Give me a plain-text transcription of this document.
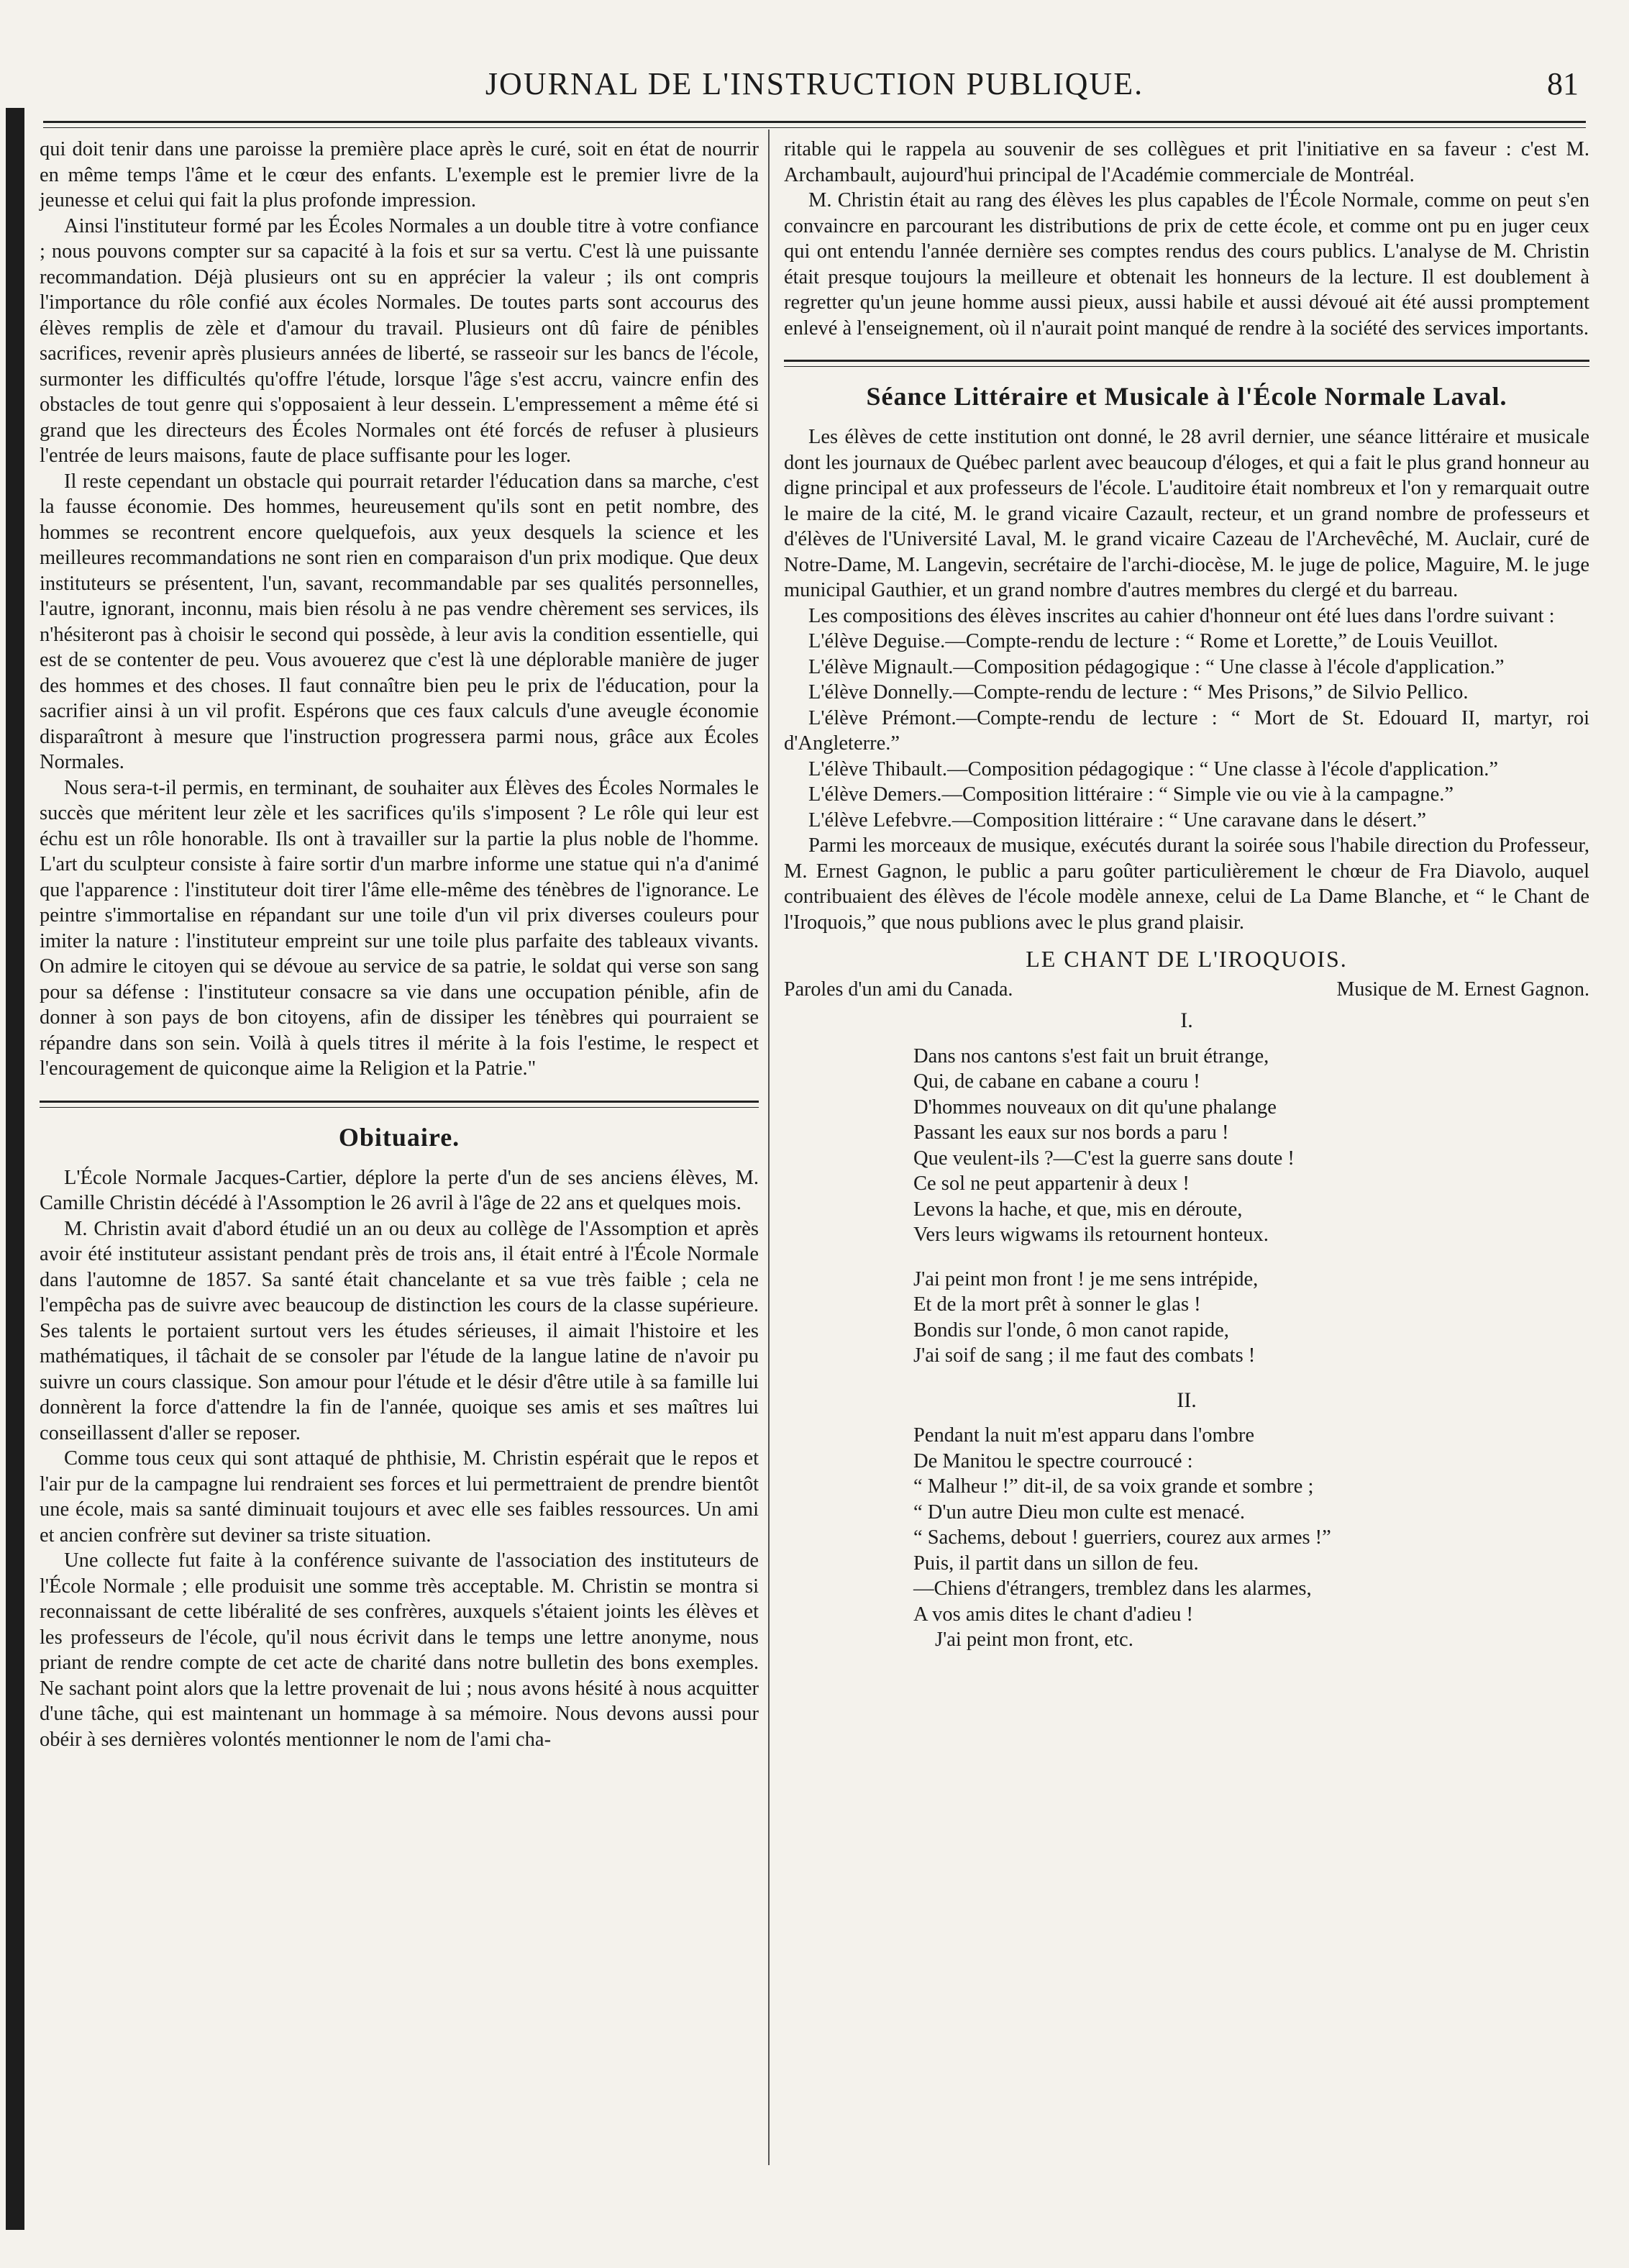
JOURNAL DE L'INSTRUCTION PUBLIQUE.	81

qui doit tenir dans une paroisse la première place après le curé, soit en état de nourrir en même temps l'âme et le cœur des enfants. L'exemple est le premier livre de la jeunesse et celui qui fait la plus profonde impression.

Ainsi l'instituteur formé par les Écoles Normales a un double titre à votre confiance ; nous pouvons compter sur sa capacité à la fois et sur sa vertu. C'est là une puissante recommandation. Déjà plusieurs ont su en apprécier la valeur ; ils ont compris l'importance du rôle confié aux écoles Normales. De toutes parts sont accourus des élèves remplis de zèle et d'amour du travail. Plusieurs ont dû faire de pénibles sacrifices, revenir après plusieurs années de liberté, se rasseoir sur les bancs de l'école, surmonter les difficultés qu'offre l'étude, lorsque l'âge s'est accru, vaincre enfin des obstacles de tout genre qui s'opposaient à leur dessein. L'empressement a même été si grand que les directeurs des Écoles Normales ont été forcés de refuser à plusieurs l'entrée de leurs maisons, faute de place suffisante pour les loger.

Il reste cependant un obstacle qui pourrait retarder l'éducation dans sa marche, c'est la fausse économie. Des hommes, heureusement qu'ils sont en petit nombre, des hommes se recontrent encore quelquefois, aux yeux desquels la science et les meilleures recommandations ne sont rien en comparaison d'un prix modique. Que deux instituteurs se présentent, l'un, savant, recommandable par ses qualités personnelles, l'autre, ignorant, inconnu, mais bien résolu à ne pas vendre chèrement ses services, ils n'hésiteront pas à choisir le second qui possède, à leur avis la condition essentielle, qui est de se contenter de peu. Vous avouerez que c'est là une déplorable manière de juger des hommes et des choses. Il faut connaître bien peu le prix de l'éducation, pour la sacrifier ainsi à un vil profit. Espérons que ces faux calculs d'une aveugle économie disparaîtront à mesure que l'instruction progressera parmi nous, grâce aux Écoles Normales.

Nous sera-t-il permis, en terminant, de souhaiter aux Élèves des Écoles Normales le succès que méritent leur zèle et les sacrifices qu'ils s'imposent ? Le rôle qui leur est échu est un rôle honorable. Ils ont à travailler sur la partie la plus noble de l'homme. L'art du sculpteur consiste à faire sortir d'un marbre informe une statue qui n'a d'animé que l'apparence : l'instituteur doit tirer l'âme elle-même des ténèbres de l'ignorance. Le peintre s'immortalise en répandant sur une toile d'un vil prix diverses couleurs pour imiter la nature : l'instituteur empreint sur une toile plus parfaite des tableaux vivants. On admire le citoyen qui se dévoue au service de sa patrie, le soldat qui verse son sang pour sa défense : l'instituteur consacre sa vie dans une occupation pénible, afin de donner à son pays de bon citoyens, afin de dissiper les ténèbres qui pourraient se répandre dans son sein. Voilà à quels titres il mérite à la fois l'estime, le respect et l'encouragement de quiconque aime la Religion et la Patrie."

Obituaire.

L'École Normale Jacques-Cartier, déplore la perte d'un de ses anciens élèves, M. Camille Christin décédé à l'Assomption le 26 avril à l'âge de 22 ans et quelques mois.

M. Christin avait d'abord étudié un an ou deux au collège de l'Assomption et après avoir été instituteur assistant pendant près de trois ans, il était entré à l'École Normale dans l'automne de 1857. Sa santé était chancelante et sa vue très faible ; cela ne l'empêcha pas de suivre avec beaucoup de distinction les cours de la classe supérieure. Ses talents le portaient surtout vers les études sérieuses, il aimait l'histoire et les mathématiques, il tâchait de se consoler par l'étude de la langue latine de n'avoir pu suivre un cours classique. Son amour pour l'étude et le désir d'être utile à sa famille lui donnèrent la force d'attendre la fin de l'année, quoique ses amis et ses maîtres lui conseillassent d'aller se reposer.

Comme tous ceux qui sont attaqué de phthisie, M. Christin espérait que le repos et l'air pur de la campagne lui rendraient ses forces et lui permettraient de prendre bientôt une école, mais sa santé diminuait toujours et avec elle ses faibles ressources. Un ami et ancien confrère sut deviner sa triste situation.

Une collecte fut faite à la conférence suivante de l'association des instituteurs de l'École Normale ; elle produisit une somme très acceptable. M. Christin se montra si reconnaissant de cette libéralité de ses confrères, auxquels s'étaient joints les élèves et les professeurs de l'école, qu'il nous écrivit dans le temps une lettre anonyme, nous priant de rendre compte de cet acte de charité dans notre bulletin des bons exemples. Ne sachant point alors que la lettre provenait de lui ; nous avons hésité à nous acquitter d'une tâche, qui est maintenant un hommage à sa mémoire. Nous devons aussi pour obéir à ses dernières volontés mentionner le nom de l'ami cha-

ritable qui le rappela au souvenir de ses collègues et prit l'initiative en sa faveur : c'est M. Archambault, aujourd'hui principal de l'Académie commerciale de Montréal.

M. Christin était au rang des élèves les plus capables de l'École Normale, comme on peut s'en convaincre en parcourant les distributions de prix de cette école, et comme ont pu en juger ceux qui ont entendu l'année dernière ses comptes rendus des cours publics. L'analyse de M. Christin était presque toujours la meilleure et obtenait les honneurs de la lecture. Il est doublement à regretter qu'un jeune homme aussi pieux, aussi habile et aussi dévoué ait été aussi promptement enlevé à l'enseignement, où il n'aurait point manqué de rendre à la société des services importants.

Séance Littéraire et Musicale à l'École Normale Laval.

Les élèves de cette institution ont donné, le 28 avril dernier, une séance littéraire et musicale dont les journaux de Québec parlent avec beaucoup d'éloges, et qui a fait le plus grand honneur au digne principal et aux professeurs de l'école. L'auditoire était nombreux et l'on y remarquait outre le maire de la cité, M. le grand vicaire Cazault, recteur, et un grand nombre de professeurs et d'élèves de l'Université Laval, M. le grand vicaire Cazeau de l'Archevêché, M. Auclair, curé de Notre-Dame, M. Langevin, secrétaire de l'archi-diocèse, M. le juge de police, Maguire, M. le juge municipal Gauthier, et un grand nombre d'autres membres du clergé et du barreau.

Les compositions des élèves inscrites au cahier d'honneur ont été lues dans l'ordre suivant :

L'élève Deguise.—Compte-rendu de lecture : “ Rome et Lorette,” de Louis Veuillot.

L'élève Mignault.—Composition pédagogique : “ Une classe à l'école d'application.”

L'élève Donnelly.—Compte-rendu de lecture : “ Mes Prisons,” de Silvio Pellico.

L'élève Prémont.—Compte-rendu de lecture : “ Mort de St. Edouard II, martyr, roi d'Angleterre.”

L'élève Thibault.—Composition pédagogique : “ Une classe à l'école d'application.”

L'élève Demers.—Composition littéraire : “ Simple vie ou vie à la campagne.”

L'élève Lefebvre.—Composition littéraire : “ Une caravane dans le désert.”

Parmi les morceaux de musique, exécutés durant la soirée sous l'habile direction du Professeur, M. Ernest Gagnon, le public a paru goûter particulièrement le chœur de Fra Diavolo, auquel contribuaient des élèves de l'école modèle annexe, celui de La Dame Blanche, et “ le Chant de l'Iroquois,” que nous publions avec le plus grand plaisir.

LE CHANT DE L'IROQUOIS.
Paroles d'un ami du Canada.	Musique de M. Ernest Gagnon.
I.
Dans nos cantons s'est fait un bruit étrange,
Qui, de cabane en cabane a couru !
D'hommes nouveaux on dit qu'une phalange
Passant les eaux sur nos bords a paru !
Que veulent-ils ?—C'est la guerre sans doute !
Ce sol ne peut appartenir à deux !
Levons la hache, et que, mis en déroute,
Vers leurs wigwams ils retournent honteux.
J'ai peint mon front ! je me sens intrépide,
Et de la mort prêt à sonner le glas !
Bondis sur l'onde, ô mon canot rapide,
J'ai soif de sang ; il me faut des combats !
II.
Pendant la nuit m'est apparu dans l'ombre
De Manitou le spectre courroucé :
“ Malheur !” dit-il, de sa voix grande et sombre ;
“ D'un autre Dieu mon culte est menacé.
“ Sachems, debout ! guerriers, courez aux armes !”
Puis, il partit dans un sillon de feu.
—Chiens d'étrangers, tremblez dans les alarmes,
A vos amis dites le chant d'adieu !
J'ai peint mon front, etc.
